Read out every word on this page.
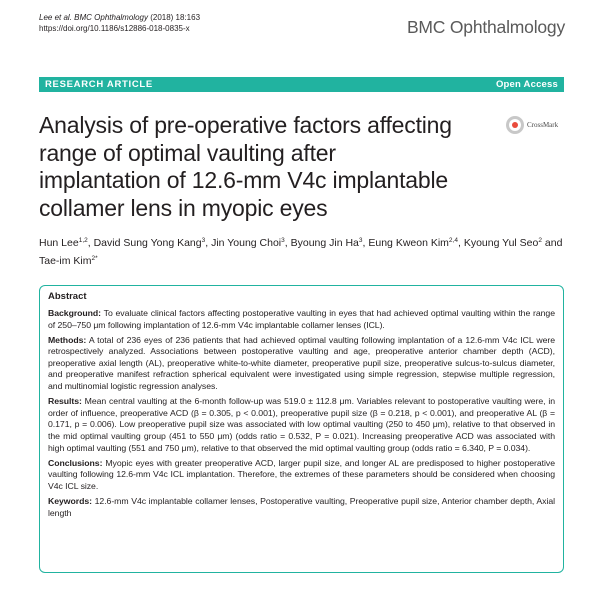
Lee et al. BMC Ophthalmology (2018) 18:163
https://doi.org/10.1186/s12886-018-0835-x	BMC Ophthalmology
RESEARCH ARTICLE	Open Access
Analysis of pre-operative factors affecting
range of optimal vaulting after
implantation of 12.6-mm V4c implantable
collamer lens in myopic eyes
CrossMark
Hun Lee$^{1,2}$, David Sung Yong Kang$^3$, Jin Young Choi$^3$, Byoung Jin Ha$^3$, Eung Kweon Kim$^{2,4}$, Kyoung Yul Seo$^2$ and Tae-im Kim$^{2*}$
Abstract

Background: To evaluate clinical factors affecting postoperative vaulting in eyes that had achieved optimal vaulting within the range of 250–750 μm following implantation of 12.6-mm V4c implantable collamer lenses (ICL).

Methods: A total of 236 eyes of 236 patients that had achieved optimal vaulting following implantation of a 12.6-mm V4c ICL were retrospectively analyzed. Associations between postoperative vaulting and age, preoperative anterior chamber depth (ACD), preoperative axial length (AL), preoperative white-to-white diameter, preoperative pupil size, preoperative sulcus-to-sulcus diameter, and preoperative manifest refraction spherical equivalent were investigated using simple regression, stepwise multiple regression, and multinomial logistic regression analyses.

Results: Mean central vaulting at the 6-month follow-up was 519.0 ± 112.8 μm. Variables relevant to postoperative vaulting were, in order of influence, preoperative ACD (β = 0.305, p < 0.001), preoperative pupil size (β = 0.218, p < 0.001), and preoperative AL (β = 0.171, p = 0.006). Low preoperative pupil size was associated with low optimal vaulting (250 to 450 μm), relative to that observed in the mid optimal vaulting group (451 to 550 μm) (odds ratio = 0.532, P = 0.021). Increasing preoperative ACD was associated with high optimal vaulting (551 and 750 μm), relative to that observed the mid optimal vaulting group (odds ratio = 6.340, P = 0.034).

Conclusions: Myopic eyes with greater preoperative ACD, larger pupil size, and longer AL are predisposed to higher postoperative vaulting following 12.6-mm V4c ICL implantation. Therefore, the extremes of these parameters should be considered when choosing V4c ICL size.

Keywords: 12.6-mm V4c implantable collamer lenses, Postoperative vaulting, Preoperative pupil size, Anterior chamber depth, Axial length
